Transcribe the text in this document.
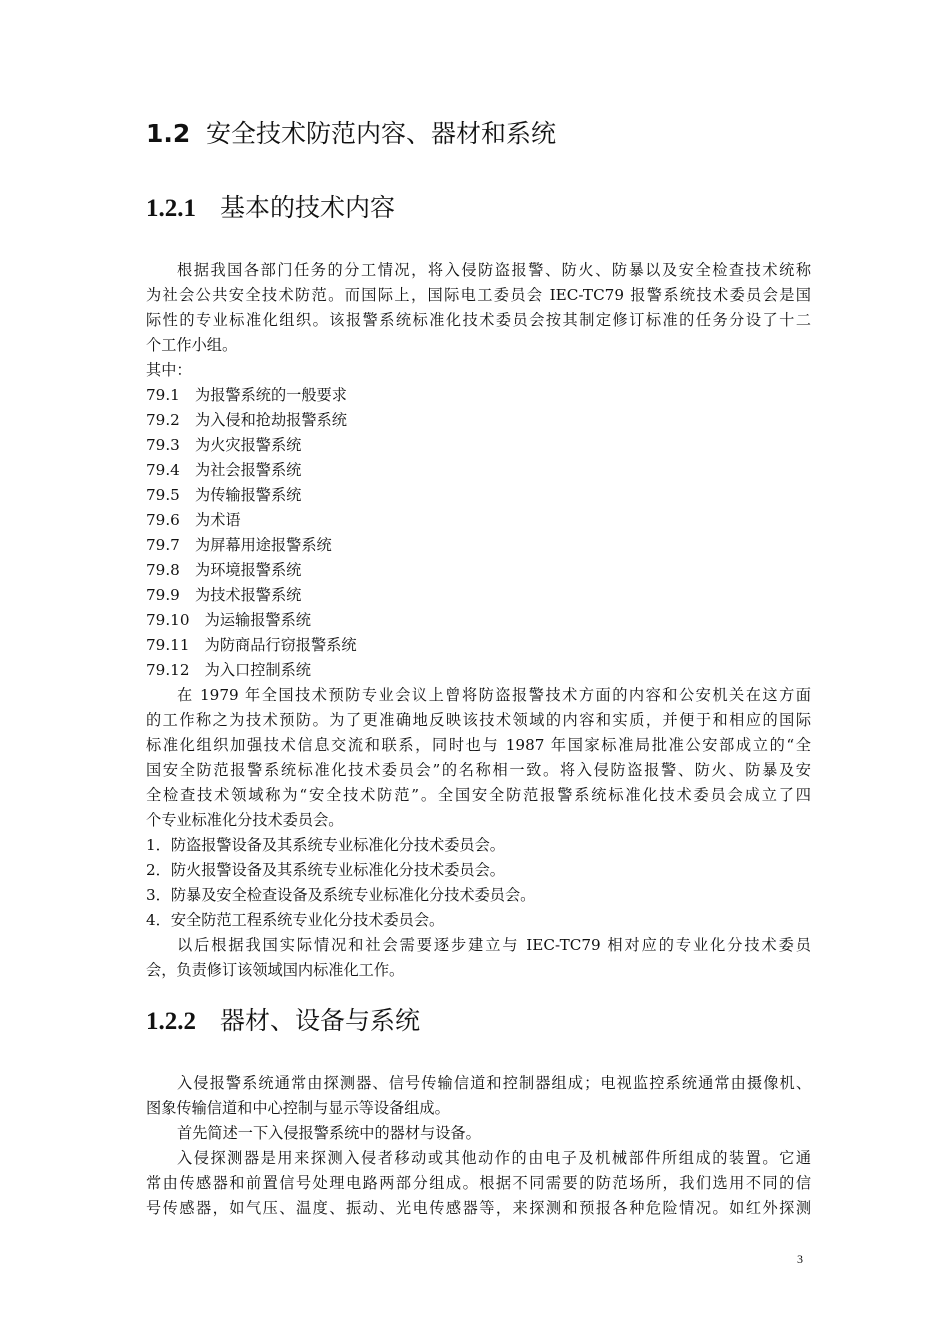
1.2 安全技术防范内容、器材和系统
1.2.1 基本的技术内容
根据我国各部门任务的分工情况，将入侵防盗报警、防火、防暴以及安全检查技术统称
为社会公共安全技术防范。而国际上，国际电工委员会 IEC-TC79 报警系统技术委员会是国
际性的专业标准化组织。该报警系统标准化技术委员会按其制定修订标准的任务分设了十二
个工作小组。
其中：
79.1　为报警系统的一般要求
79.2　为入侵和抢劫报警系统
79.3　为火灾报警系统
79.4　为社会报警系统
79.5　为传输报警系统
79.6　为术语
79.7　为屏幕用途报警系统
79.8　为环境报警系统
79.9　为技术报警系统
79.10　为运输报警系统
79.11　为防商品行窃报警系统
79.12　为入口控制系统
在 1979 年全国技术预防专业会议上曾将防盗报警技术方面的内容和公安机关在这方面
的工作称之为技术预防。为了更准确地反映该技术领域的内容和实质，并便于和相应的国际
标准化组织加强技术信息交流和联系，同时也与 1987 年国家标准局批准公安部成立的“全
国安全防范报警系统标准化技术委员会”的名称相一致。将入侵防盗报警、防火、防暴及安
全检查技术领域称为“安全技术防范”。全国安全防范报警系统标准化技术委员会成立了四
个专业标准化分技术委员会。
1．防盗报警设备及其系统专业标准化分技术委员会。
2．防火报警设备及其系统专业标准化分技术委员会。
3．防暴及安全检查设备及系统专业标准化分技术委员会。
4．安全防范工程系统专业化分技术委员会。
以后根据我国实际情况和社会需要逐步建立与 IEC-TC79 相对应的专业化分技术委员
会，负责修订该领域国内标准化工作。
1.2.2 器材、设备与系统
入侵报警系统通常由探测器、信号传输信道和控制器组成；电视监控系统通常由摄像机、
图象传输信道和中心控制与显示等设备组成。
首先简述一下入侵报警系统中的器材与设备。
入侵探测器是用来探测入侵者移动或其他动作的由电子及机械部件所组成的装置。它通
常由传感器和前置信号处理电路两部分组成。根据不同需要的防范场所，我们选用不同的信
号传感器，如气压、温度、振动、光电传感器等，来探测和预报各种危险情况。如红外探测
3
